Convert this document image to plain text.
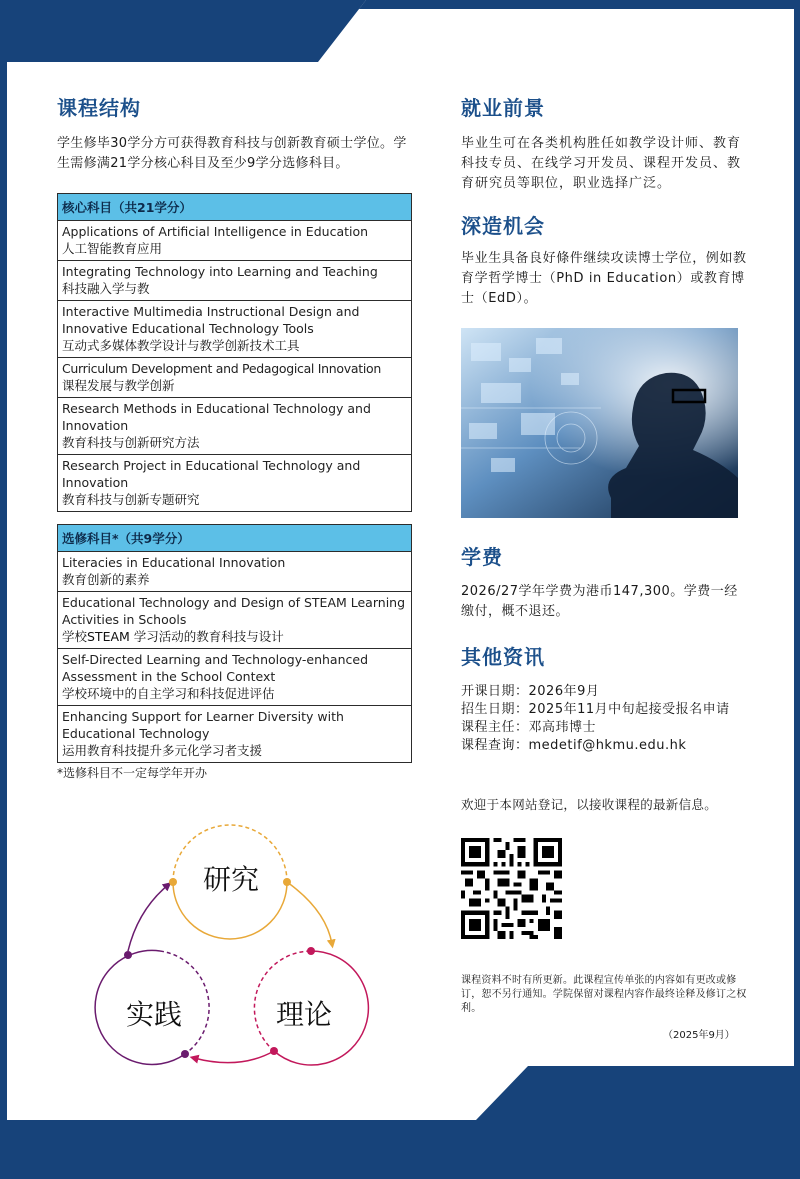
课程结构

学生修毕30学分方可获得教育科技与创新教育硕士学位。学生需修满21学分核心科目及至少9学分选修科目。

核心科目（共21学分）

Applications of Artificial Intelligence in Education
人工智能教育应用

Integrating Technology into Learning and Teaching
科技融入学与教

Interactive Multimedia Instructional Design and Innovative Educational Technology Tools
互动式多媒体教学设计与教学创新技术工具

Curriculum Development and Pedagogical Innovation
课程发展与教学创新

Research Methods in Educational Technology and Innovation
教育科技与创新研究方法

Research Project in Educational Technology and Innovation
教育科技与创新专题研究
选修科目*（共9学分）

Literacies in Educational Innovation
教育创新的素养

Educational Technology and Design of STEAM Learning Activities in Schools
学校STEAM 学习活动的教育科技与设计

Self-Directed Learning and Technology-enhanced Assessment in the School Context
学校环境中的自主学习和科技促进评估

Enhancing Support for Learner Diversity with Educational Technology
运用教育科技提升多元化学习者支援
*选修科目不一定每学年开办
研究
实践	理论
就业前景

毕业生可在各类机构胜任如教学设计师、教育科技专员、在线学习开发员、课程开发员、教育研究员等职位，职业选择广泛。

深造机会

毕业生具备良好條件继续攻读博士学位，例如教育学哲学博士（PhD in Education）或教育博士（EdD）。

学费

2026/27学年学费为港币147,300。学费一经缴付，概不退还。

其他资讯
开课日期：2026年9月
招生日期：2025年11月中旬起接受报名申请
课程主任：邓高玮博士
课程查询：medetif@hkmu.edu.hk

欢迎于本网站登记，以接收课程的最新信息。

课程资料不时有所更新。此课程宣传单张的内容如有更改或修订，恕不另行通知。学院保留对课程内容作最终诠释及修订之权利。

（2025年9月）
